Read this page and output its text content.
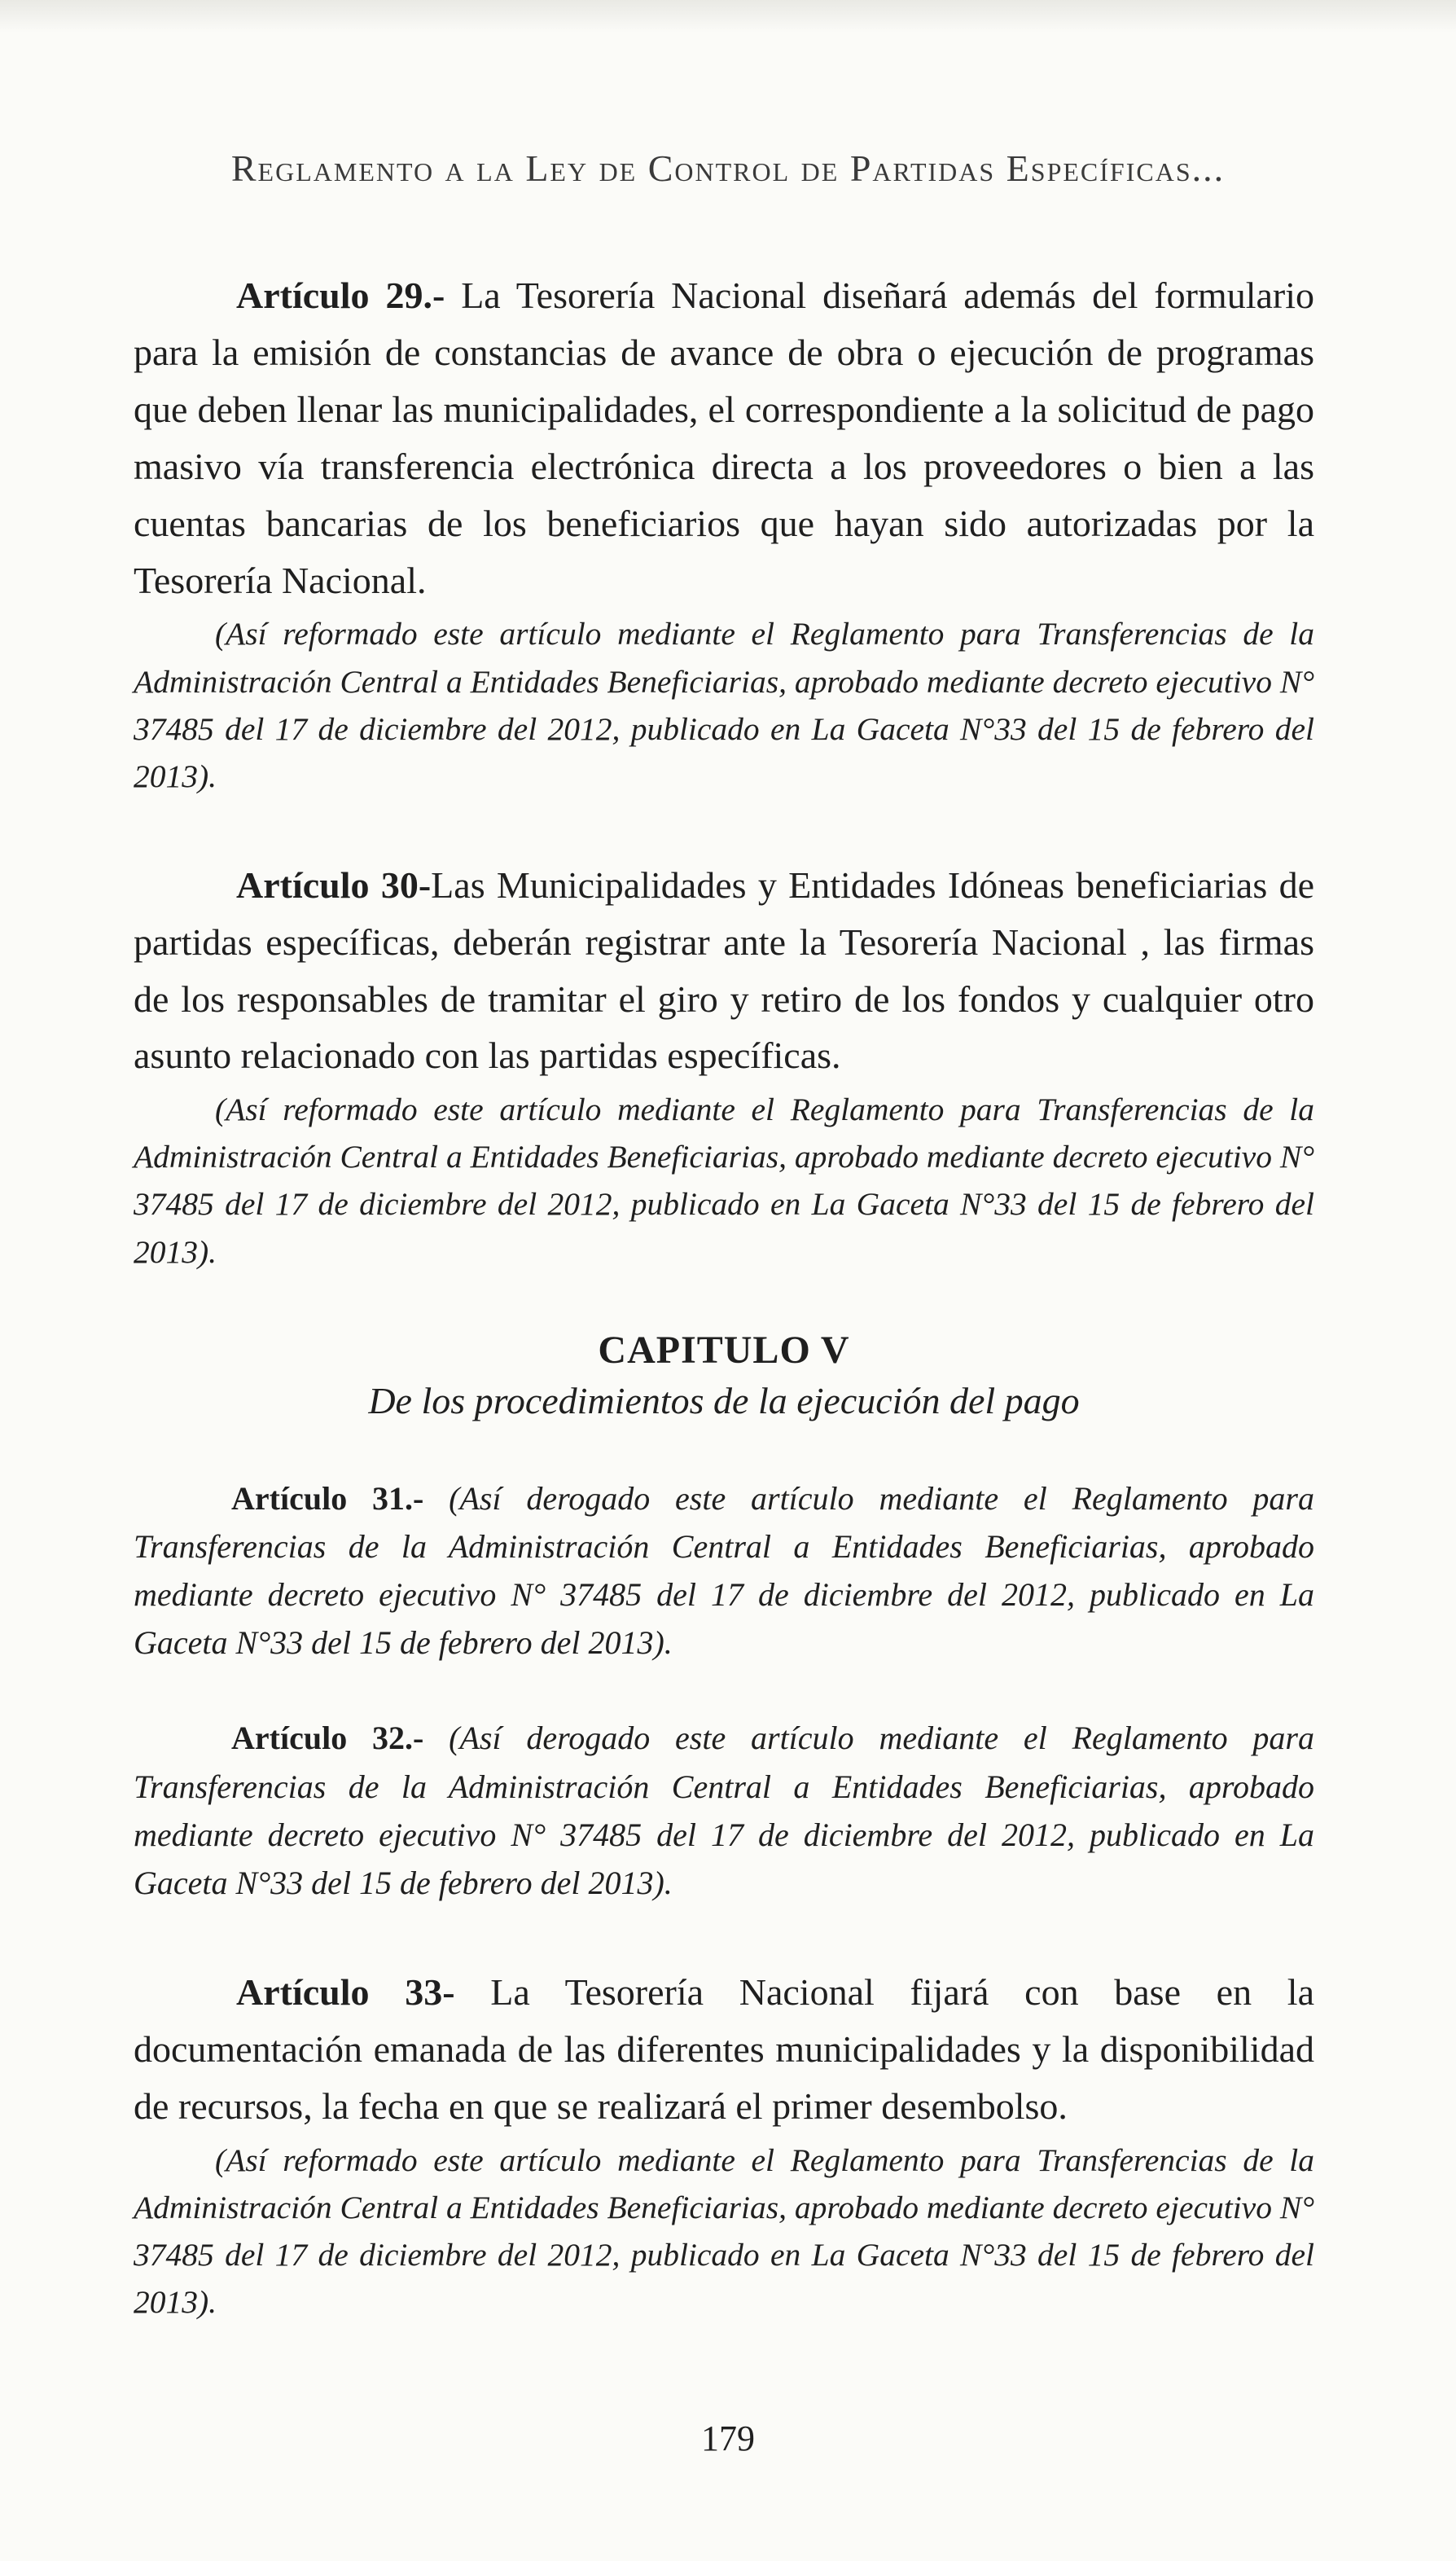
Reglamento a la Ley de Control de Partidas Específicas...

Artículo 29.- La Tesorería Nacional diseñará además del formulario para la emisión de constancias de avance de obra o ejecución de programas que deben llenar las municipalidades, el correspondiente a la solicitud de pago masivo vía transferencia electrónica directa a los proveedores o bien a las cuentas bancarias de los beneficiarios que hayan sido autorizadas por la Tesorería Nacional.

(Así reformado este artículo mediante el Reglamento para Transferencias de la Administración Central a Entidades Beneficiarias, aprobado mediante decreto ejecutivo N° 37485 del 17 de diciembre del 2012, publicado en La Gaceta N°33 del 15 de febrero del 2013).

Artículo 30-Las Municipalidades y Entidades Idóneas beneficiarias de partidas específicas, deberán registrar ante la Tesorería Nacional , las firmas de los responsables de tramitar el giro y retiro de los fondos y cualquier otro asunto relacionado con las partidas específicas.

(Así reformado este artículo mediante el Reglamento para Transferencias de la Administración Central a Entidades Beneficiarias, aprobado mediante decreto ejecutivo N° 37485 del 17 de diciembre del 2012, publicado en La Gaceta N°33 del 15 de febrero del 2013).

CAPITULO V

De los procedimientos de la ejecución del pago

Artículo 31.- (Así derogado este artículo mediante el Reglamento para Transferencias de la Administración Central a Entidades Beneficiarias, aprobado mediante decreto ejecutivo N° 37485 del 17 de diciembre del 2012, publicado en La Gaceta N°33 del 15 de febrero del 2013).

Artículo 32.- (Así derogado este artículo mediante el Reglamento para Transferencias de la Administración Central a Entidades Beneficiarias, aprobado mediante decreto ejecutivo N° 37485 del 17 de diciembre del 2012, publicado en La Gaceta N°33 del 15 de febrero del 2013).

Artículo 33- La Tesorería Nacional fijará con base en la documentación emanada de las diferentes municipalidades y la disponibilidad de recursos, la fecha en que se realizará el primer desembolso.

(Así reformado este artículo mediante el Reglamento para Transferencias de la Administración Central a Entidades Beneficiarias, aprobado mediante decreto ejecutivo N° 37485 del 17 de diciembre del 2012, publicado en La Gaceta N°33 del 15 de febrero del 2013).

179
